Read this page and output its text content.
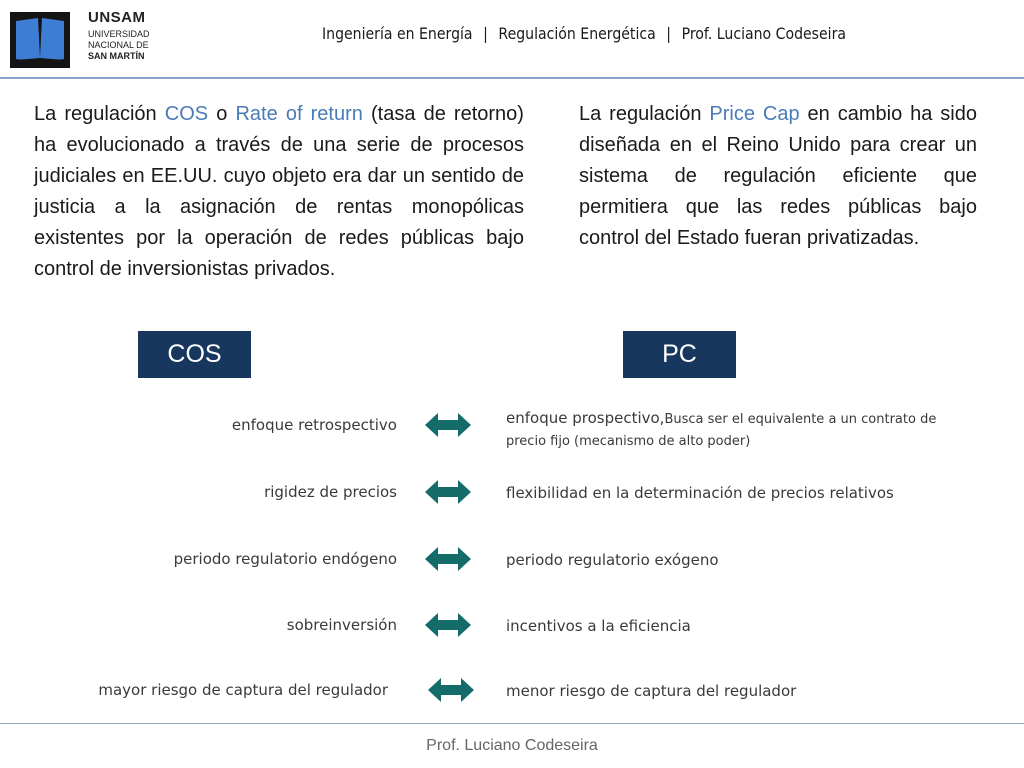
UNSAM
UNIVERSIDAD
NACIONAL DE
SAN MARTÍN
Ingeniería en Energía | Regulación Energética | Prof. Luciano Codeseira
La regulación COS o Rate of return (tasa de retorno) ha evolucionado a través de una serie de procesos judiciales en EE.UU. cuyo objeto era dar un sentido de justicia a la asignación de rentas monopólicas existentes por la operación de redes públicas bajo control de inversionistas privados.
La regulación Price Cap en cambio ha sido diseñada en el Reino Unido para crear un sistema de regulación eficiente que permitiera que las redes públicas bajo control del Estado fueran privatizadas.
COS	PC
enfoque retrospectivo	enfoque prospectivo,Busca ser el equivalente a un contrato de precio fijo (mecanismo de alto poder)
rigidez de precios	flexibilidad en la determinación de precios relativos
periodo regulatorio endógeno	periodo regulatorio exógeno
sobreinversión	incentivos a la eficiencia
mayor riesgo de captura del regulador	menor riesgo de captura del regulador
Prof. Luciano Codeseira
